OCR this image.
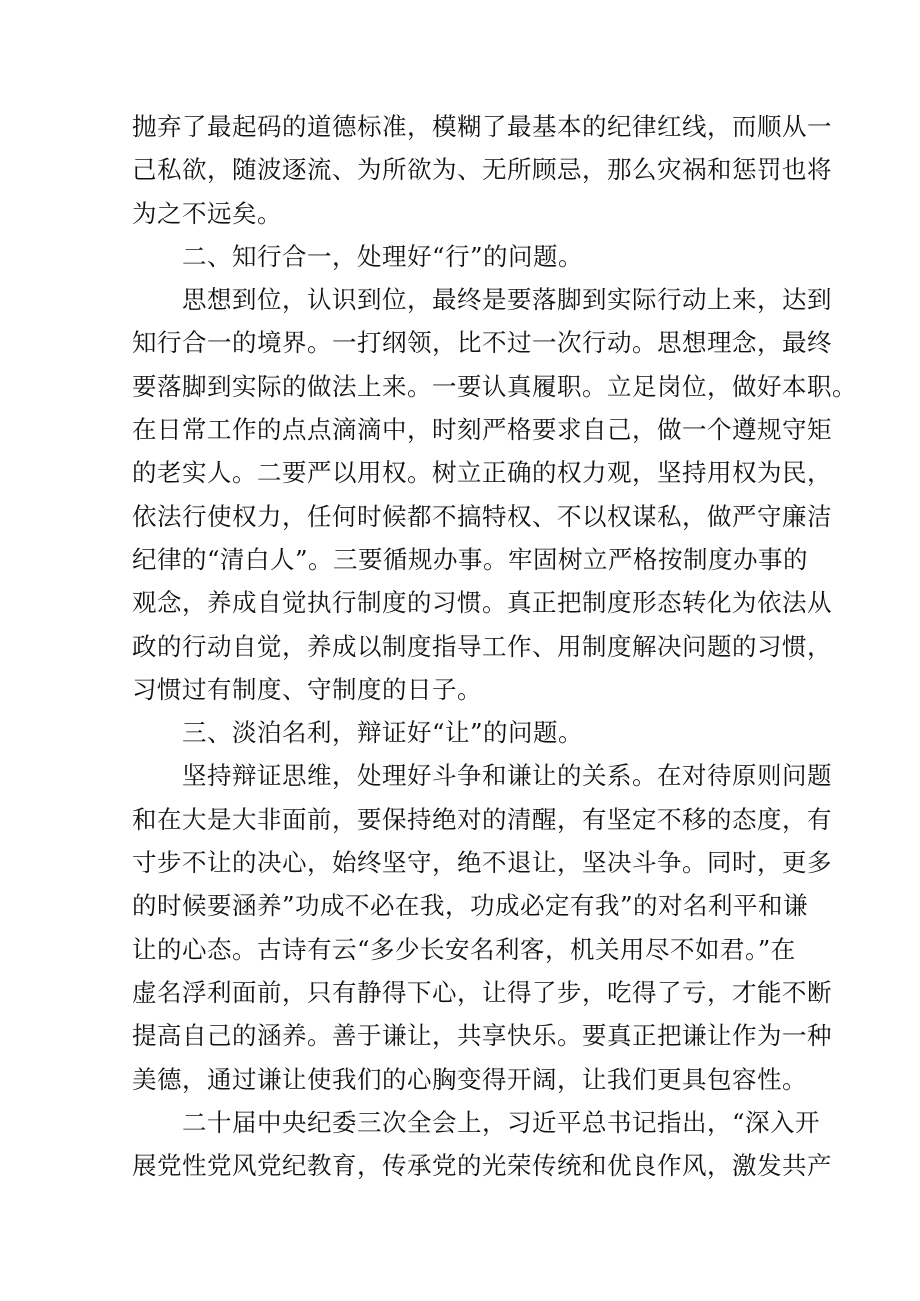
抛弃了最起码的道德标准，模糊了最基本的纪律红线，而顺从一
己私欲，随波逐流、为所欲为、无所顾忌，那么灾祸和惩罚也将
为之不远矣。
二、知行合一，处理好“行”的问题。
思想到位，认识到位，最终是要落脚到实际行动上来，达到
知行合一的境界。一打纲领，比不过一次行动。思想理念，最终
要落脚到实际的做法上来。一要认真履职。立足岗位，做好本职。
在日常工作的点点滴滴中，时刻严格要求自己，做一个遵规守矩
的老实人。二要严以用权。树立正确的权力观，坚持用权为民，
依法行使权力，任何时候都不搞特权、不以权谋私，做严守廉洁
纪律的“清白人”。三要循规办事。牢固树立严格按制度办事的
观念，养成自觉执行制度的习惯。真正把制度形态转化为依法从
政的行动自觉，养成以制度指导工作、用制度解决问题的习惯，
习惯过有制度、守制度的日子。
三、淡泊名利，辩证好“让”的问题。
坚持辩证思维，处理好斗争和谦让的关系。在对待原则问题
和在大是大非面前，要保持绝对的清醒，有坚定不移的态度，有
寸步不让的决心，始终坚守，绝不退让，坚决斗争。同时，更多
的时候要涵养”功成不必在我，功成必定有我”的对名利平和谦
让的心态。古诗有云“多少长安名利客，机关用尽不如君。”在
虚名浮利面前，只有静得下心，让得了步，吃得了亏，才能不断
提高自己的涵养。善于谦让，共享快乐。要真正把谦让作为一种
美德，通过谦让使我们的心胸变得开阔，让我们更具包容性。
二十届中央纪委三次全会上，习近平总书记指出，“深入开
展党性党风党纪教育，传承党的光荣传统和优良作风，激发共产
